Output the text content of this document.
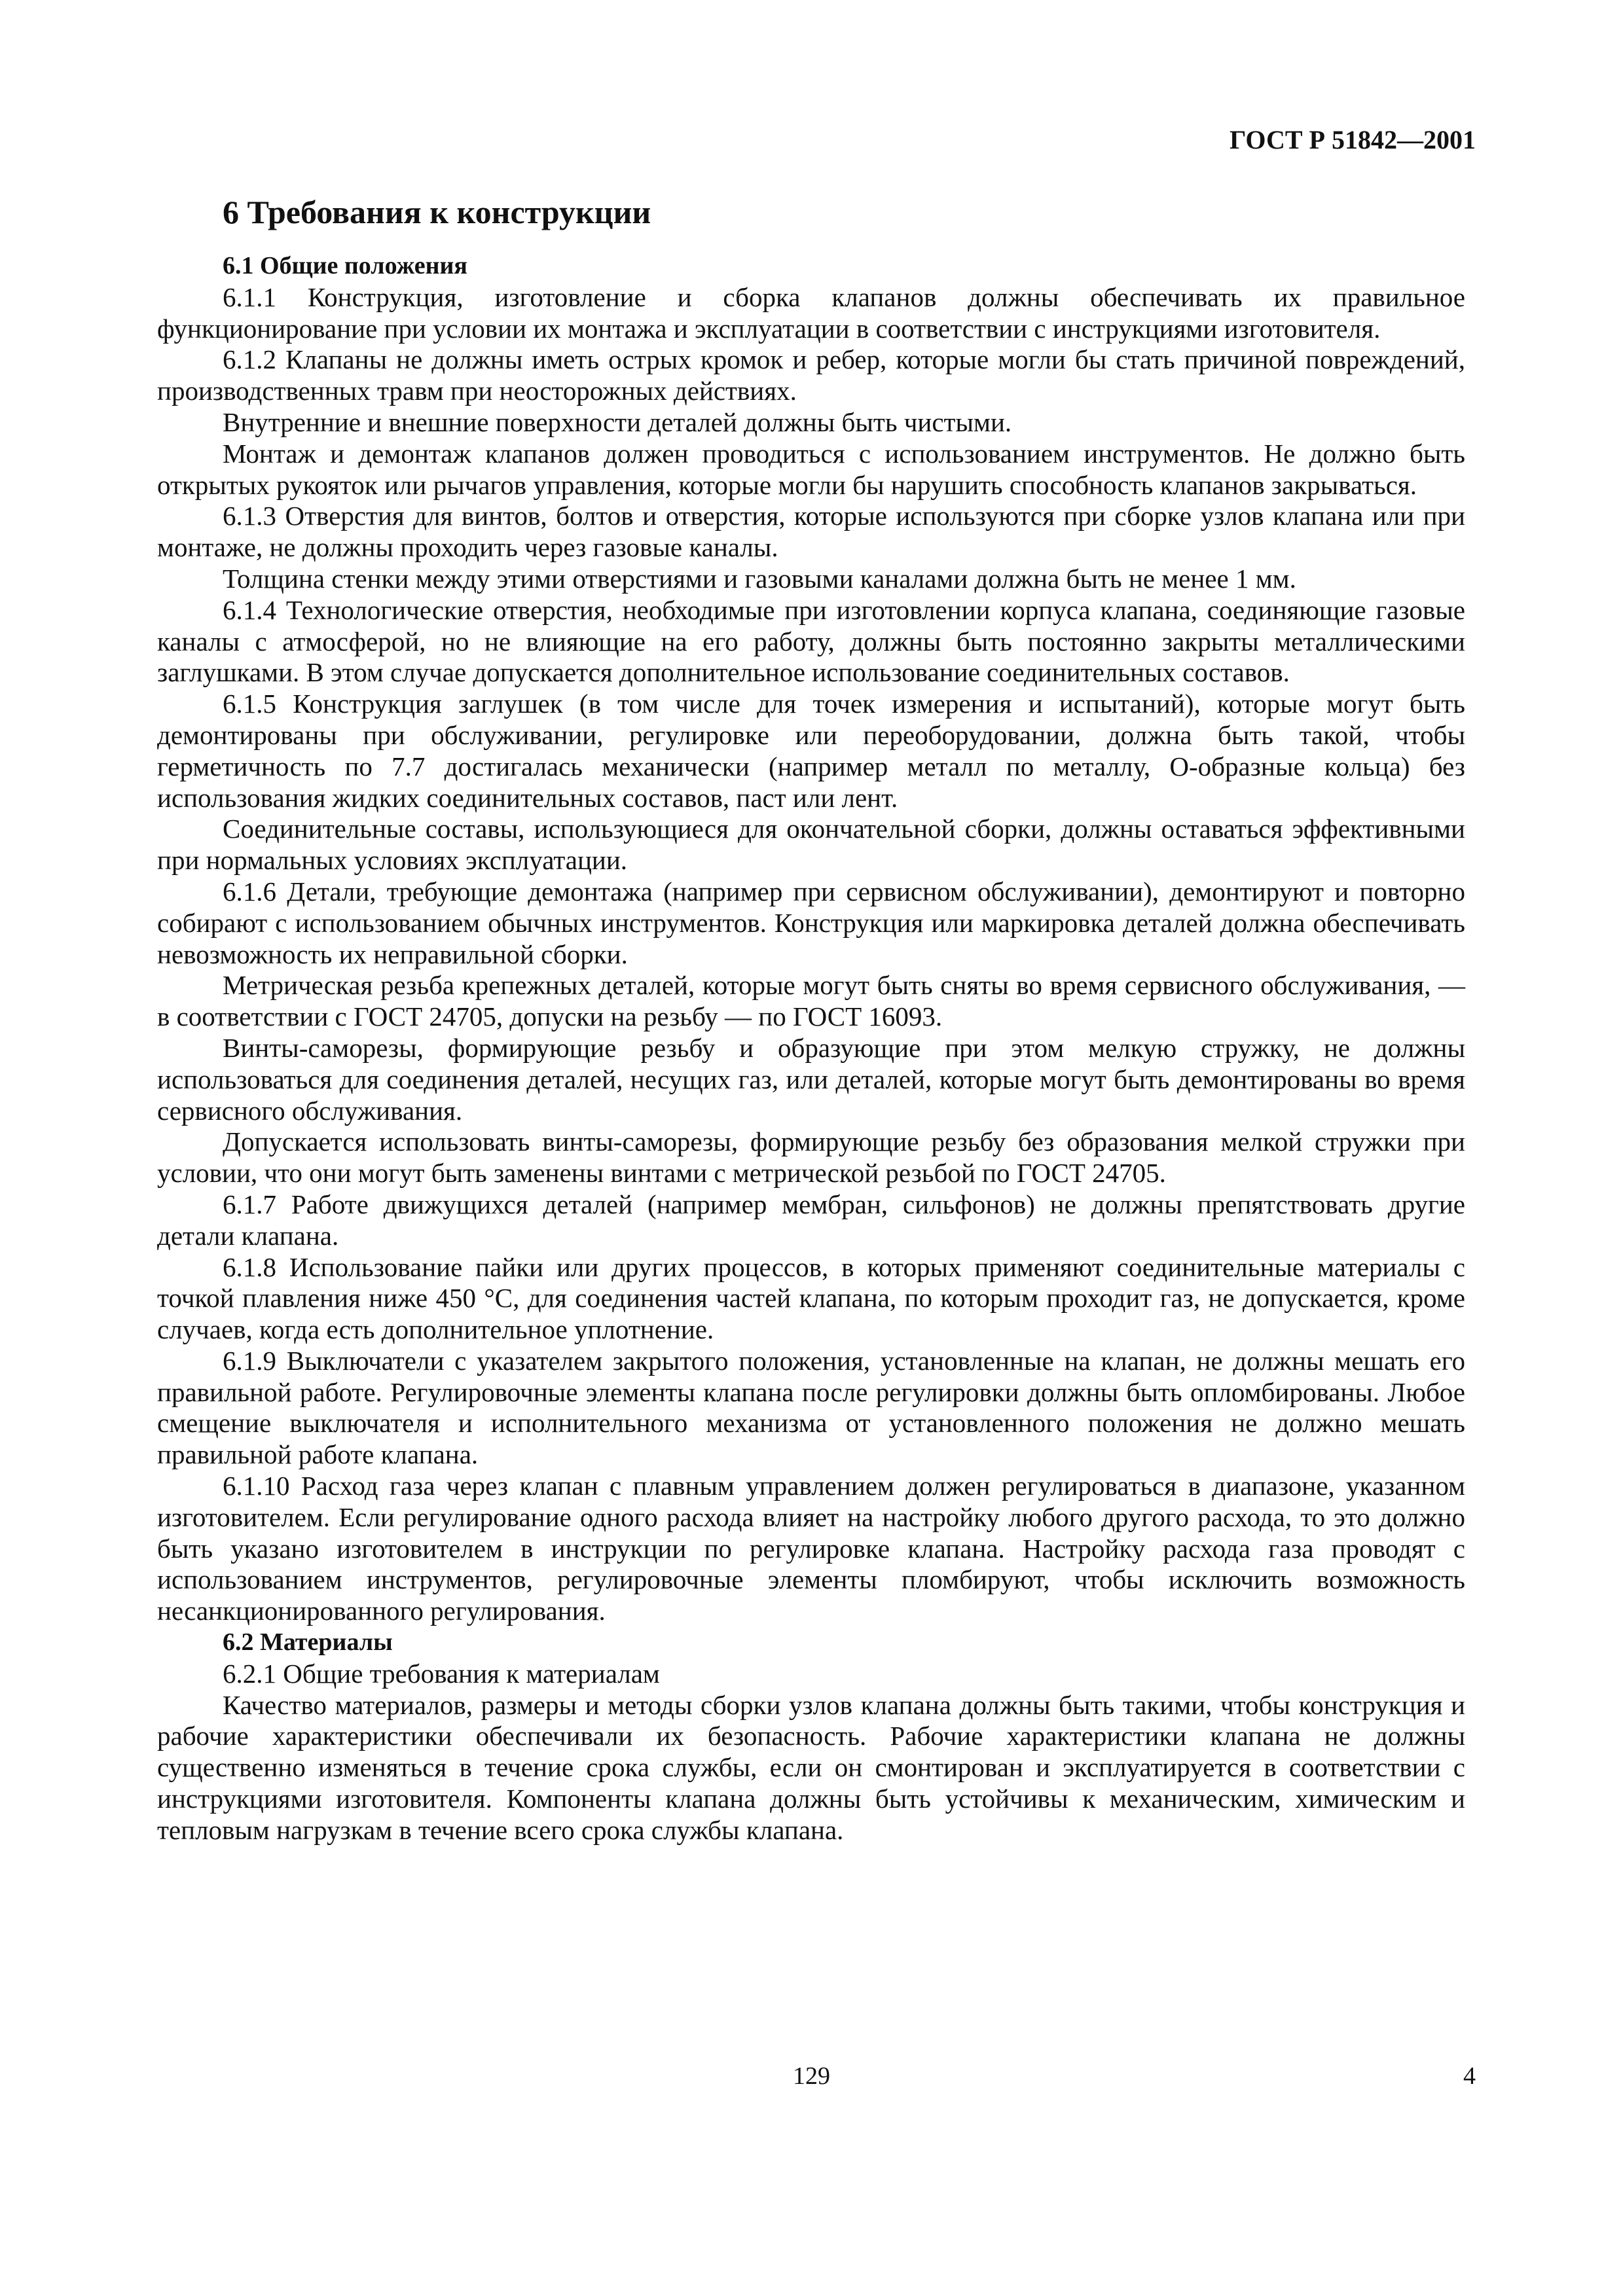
ГОСТ Р 51842—2001
6 Требования к конструкции
6.1 Общие положения

6.1.1 Конструкция, изготовление и сборка клапанов должны обеспечивать их правильное функционирование при условии их монтажа и эксплуатации в соответствии с инструкциями изготовителя.

6.1.2 Клапаны не должны иметь острых кромок и ребер, которые могли бы стать причиной повреждений, производственных травм при неосторожных действиях.

Внутренние и внешние поверхности деталей должны быть чистыми.

Монтаж и демонтаж клапанов должен проводиться с использованием инструментов. Не должно быть открытых рукояток или рычагов управления, которые могли бы нарушить способность клапанов закрываться.

6.1.3 Отверстия для винтов, болтов и отверстия, которые используются при сборке узлов клапана или при монтаже, не должны проходить через газовые каналы.

Толщина стенки между этими отверстиями и газовыми каналами должна быть не менее 1 мм.

6.1.4 Технологические отверстия, необходимые при изготовлении корпуса клапана, соединяющие газовые каналы с атмосферой, но не влияющие на его работу, должны быть постоянно закрыты металлическими заглушками. В этом случае допускается дополнительное использование соединительных составов.

6.1.5 Конструкция заглушек (в том числе для точек измерения и испытаний), которые могут быть демонтированы при обслуживании, регулировке или переоборудовании, должна быть такой, чтобы герметичность по 7.7 достигалась механически (например металл по металлу, О-образные кольца) без использования жидких соединительных составов, паст или лент.

Соединительные составы, использующиеся для окончательной сборки, должны оставаться эффективными при нормальных условиях эксплуатации.

6.1.6 Детали, требующие демонтажа (например при сервисном обслуживании), демонтируют и повторно собирают с использованием обычных инструментов. Конструкция или маркировка деталей должна обеспечивать невозможность их неправильной сборки.

Метрическая резьба крепежных деталей, которые могут быть сняты во время сервисного обслуживания, — в соответствии с ГОСТ 24705, допуски на резьбу — по ГОСТ 16093.

Винты-саморезы, формирующие резьбу и образующие при этом мелкую стружку, не должны использоваться для соединения деталей, несущих газ, или деталей, которые могут быть демонтированы во время сервисного обслуживания.

Допускается использовать винты-саморезы, формирующие резьбу без образования мелкой стружки при условии, что они могут быть заменены винтами с метрической резьбой по ГОСТ 24705.

6.1.7 Работе движущихся деталей (например мембран, сильфонов) не должны препятствовать другие детали клапана.

6.1.8 Использование пайки или других процессов, в которых применяют соединительные материалы с точкой плавления ниже 450 °С, для соединения частей клапана, по которым проходит газ, не допускается, кроме случаев, когда есть дополнительное уплотнение.

6.1.9 Выключатели с указателем закрытого положения, установленные на клапан, не должны мешать его правильной работе. Регулировочные элементы клапана после регулировки должны быть опломбированы. Любое смещение выключателя и исполнительного механизма от установленного положения не должно мешать правильной работе клапана.

6.1.10 Расход газа через клапан с плавным управлением должен регулироваться в диапазоне, указанном изготовителем. Если регулирование одного расхода влияет на настройку любого другого расхода, то это должно быть указано изготовителем в инструкции по регулировке клапана. Настройку расхода газа проводят с использованием инструментов, регулировочные элементы пломбируют, чтобы исключить возможность несанкционированного регулирования.

6.2 Материалы

6.2.1 Общие требования к материалам

Качество материалов, размеры и методы сборки узлов клапана должны быть такими, чтобы конструкция и рабочие характеристики обеспечивали их безопасность. Рабочие характеристики клапана не должны существенно изменяться в течение срока службы, если он смонтирован и эксплуатируется в соответствии с инструкциями изготовителя. Компоненты клапана должны быть устойчивы к механическим, химическим и тепловым нагрузкам в течение всего срока службы клапана.

129	4
